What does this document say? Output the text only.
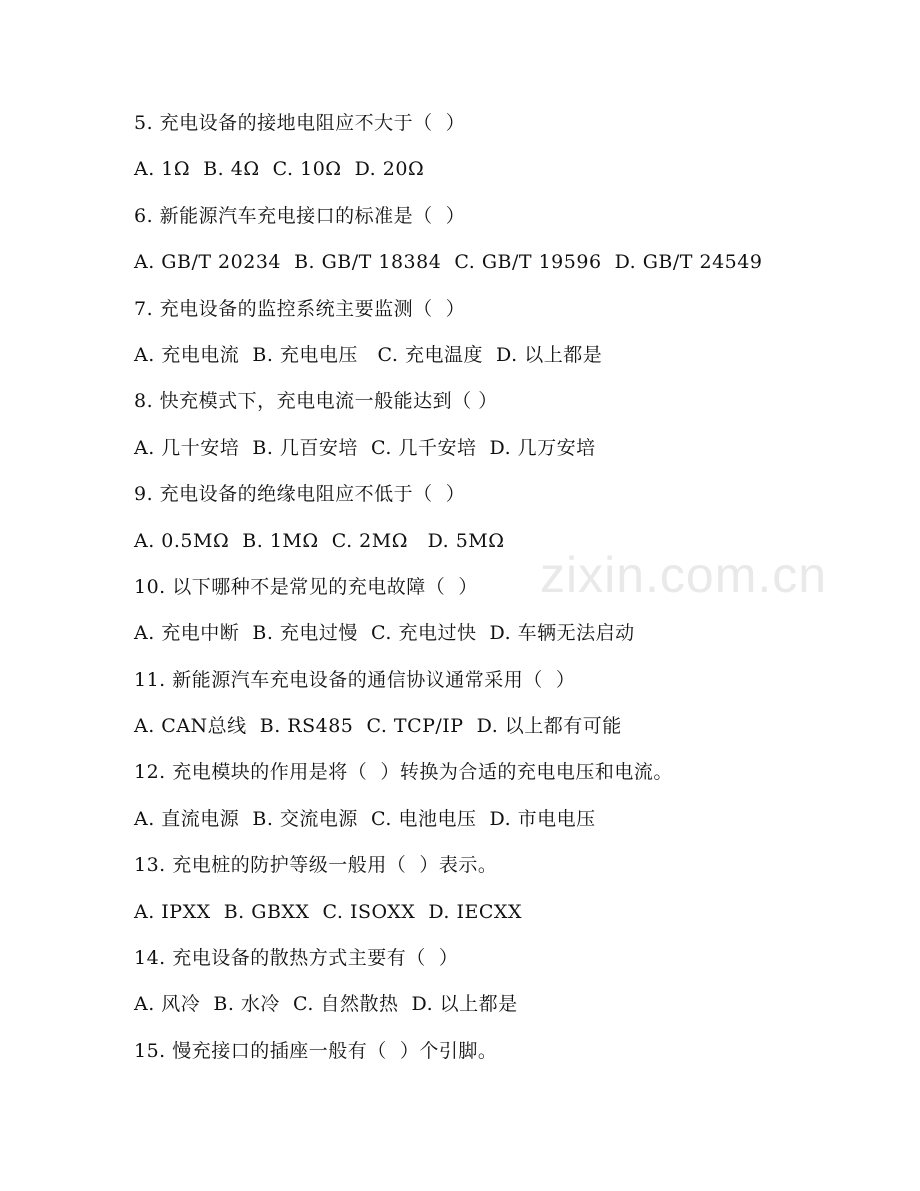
zixin.com.cn
5. 充电设备的接地电阻应不大于（  ）
A. 1Ω  B. 4Ω  C. 10Ω  D. 20Ω
6. 新能源汽车充电接口的标准是（  ）
A. GB/T 20234  B. GB/T 18384  C. GB/T 19596  D. GB/T 24549
7. 充电设备的监控系统主要监测（  ）
A. 充电电流  B. 充电电压   C. 充电温度  D. 以上都是
8. 快充模式下，充电电流一般能达到（ ）
A. 几十安培  B. 几百安培  C. 几千安培  D. 几万安培
9. 充电设备的绝缘电阻应不低于（  ）
A. 0.5MΩ  B. 1MΩ  C. 2MΩ   D. 5MΩ
10. 以下哪种不是常见的充电故障（  ）
A. 充电中断  B. 充电过慢  C. 充电过快  D. 车辆无法启动
11. 新能源汽车充电设备的通信协议通常采用（  ）
A. CAN总线  B. RS485  C. TCP/IP  D. 以上都有可能
12. 充电模块的作用是将（  ）转换为合适的充电电压和电流。
A. 直流电源  B. 交流电源  C. 电池电压  D. 市电电压
13. 充电桩的防护等级一般用（  ）表示。
A. IPXX  B. GBXX  C. ISOXX  D. IECXX
14. 充电设备的散热方式主要有（  ）
A. 风冷  B. 水冷  C. 自然散热  D. 以上都是
15. 慢充接口的插座一般有（  ）个引脚。
